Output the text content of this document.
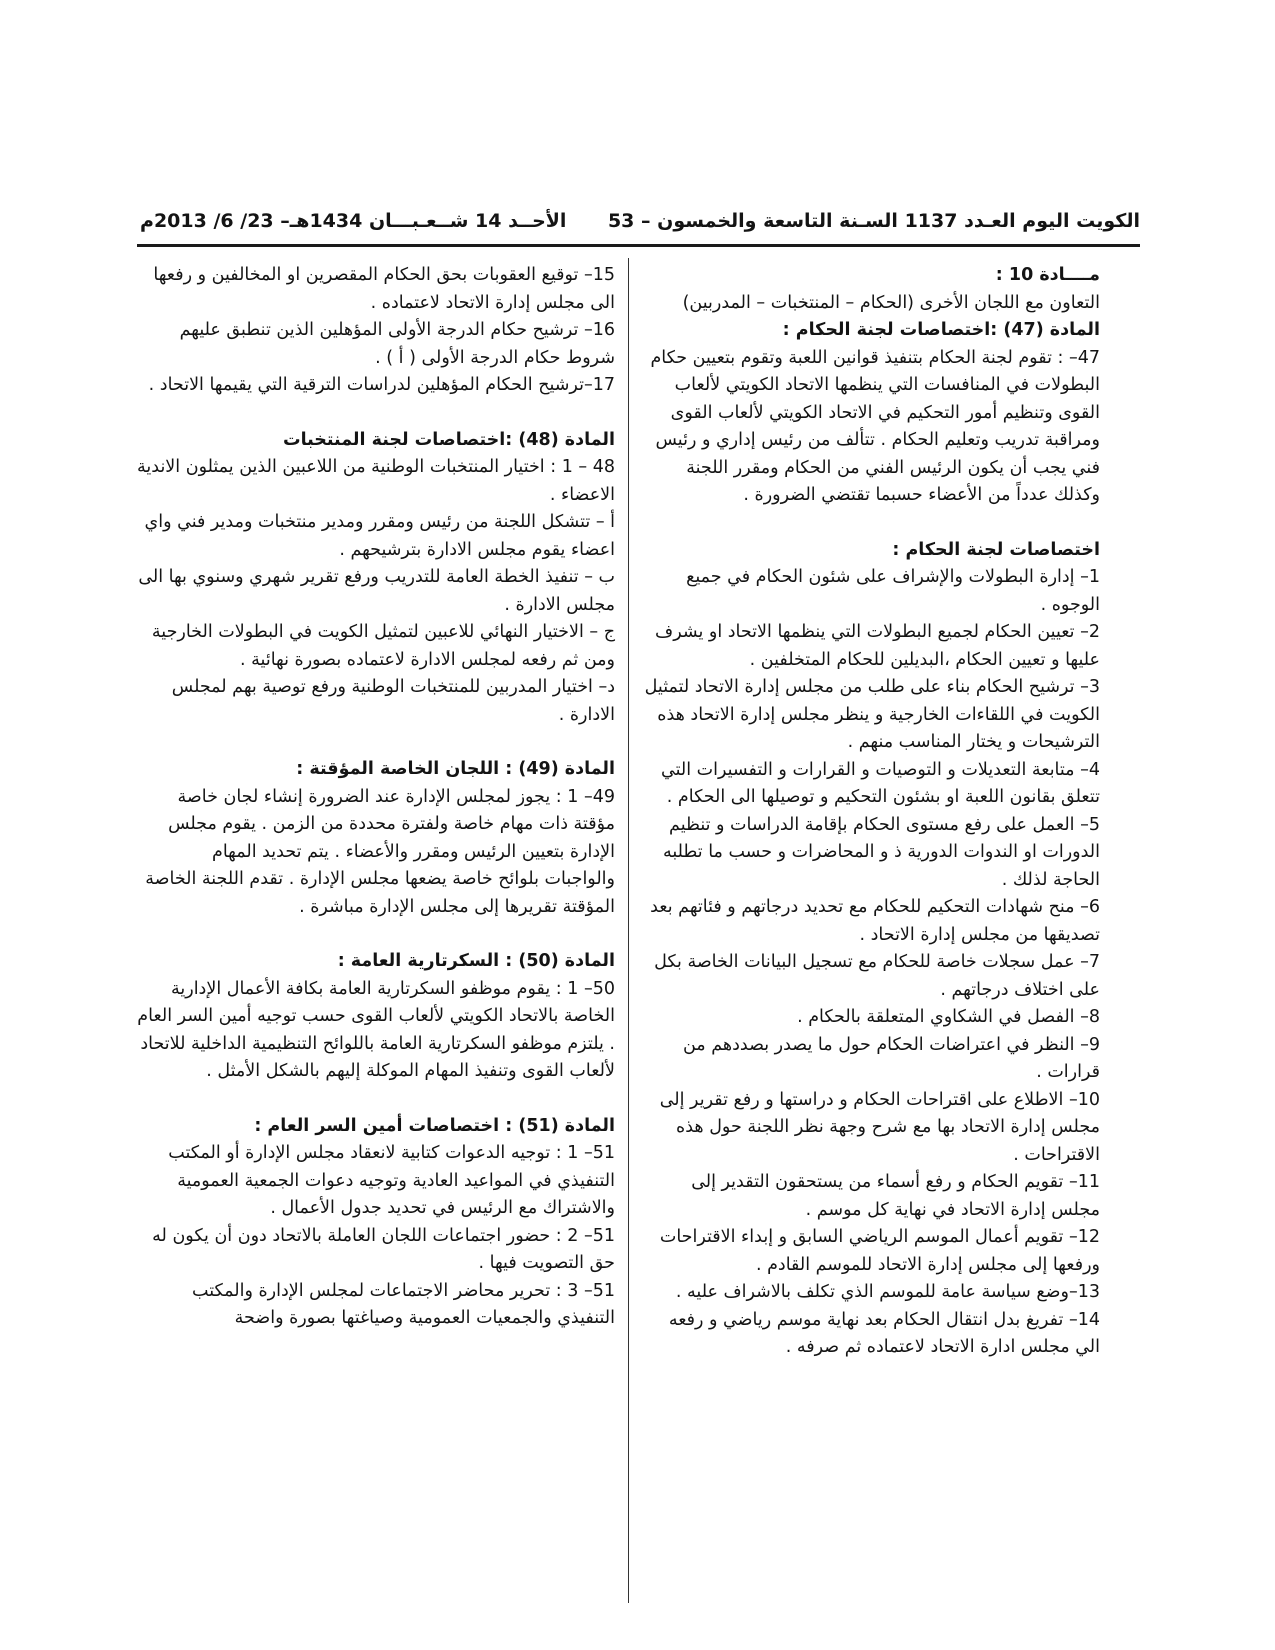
الكويت اليوم العـدد 1137 السـنة التاسعة والخمسون – 53
الأحــد 14 شــعـبـــان 1434هـ– 23/ 6/ 2013م
مــــادة 10 :
التعاون مع اللجان الأخرى (الحكام – المنتخبات – المدربين)
المادة (47) :اختصاصات لجنة الحكام :
47– : تقوم لجنة الحكام بتنفيذ قوانين اللعبة وتقوم بتعيين حكام البطولات في المنافسات التي ينظمها الاتحاد الكويتي لألعاب القوى وتنظيم أمور التحكيم في الاتحاد الكويتي لألعاب القوى ومراقبة تدريب وتعليم الحكام . تتألف من رئيس إداري و رئيس فني يجب أن يكون الرئيس الفني من الحكام ومقرر اللجنة وكذلك عدداً من الأعضاء حسبما تقتضي الضرورة .
اختصاصات لجنة الحكام :
1– إدارة البطولات والإشراف على شئون الحكام في جميع الوجوه .
2– تعيين الحكام لجميع البطولات التي ينظمها الاتحاد او يشرف عليها و تعيين الحكام ،البديلين للحكام المتخلفين .
3– ترشيح الحكام بناء على طلب من مجلس إدارة الاتحاد لتمثيل الكويت في اللقاءات الخارجية و ينظر مجلس إدارة الاتحاد هذه الترشيحات و يختار المناسب منهم .
4– متابعة التعديلات و التوصيات و القرارات و التفسيرات التي تتعلق بقانون اللعبة او بشئون التحكيم و توصيلها الى الحكام .
5– العمل على رفع مستوى الحكام بإقامة الدراسات و تنظيم الدورات او الندوات الدورية ذ و المحاضرات و حسب ما تطلبه الحاجة لذلك .
6– منح شهادات التحكيم للحكام مع تحديد درجاتهم و فئاتهم بعد تصديقها من مجلس إدارة الاتحاد .
7– عمل سجلات خاصة للحكام مع تسجيل البيانات الخاصة بكل على اختلاف درجاتهم .
8– الفصل في الشكاوي المتعلقة بالحكام .
9– النظر في اعتراضات الحكام حول ما يصدر بصددهم من قرارات .
10– الاطلاع على اقتراحات الحكام و دراستها و رفع تقرير إلى مجلس إدارة الاتحاد بها مع شرح وجهة نظر اللجنة حول هذه الاقتراحات .
11– تقويم الحكام و رفع أسماء من يستحقون التقدير إلى مجلس إدارة الاتحاد في نهاية كل موسم .
12– تقويم أعمال الموسم الرياضي السابق و إبداء الاقتراحات ورفعها إلى مجلس إدارة الاتحاد للموسم القادم .
13–وضع سياسة عامة للموسم الذي تكلف بالاشراف عليه .
14– تفريغ بدل انتقال الحكام بعد نهاية موسم رياضي و رفعه الي مجلس ادارة الاتحاد لاعتماده ثم صرفه .
15– توقيع العقوبات بحق الحكام المقصرين او المخالفين و رفعها الى مجلس إدارة الاتحاد لاعتماده .
16– ترشيح حكام الدرجة الأولى المؤهلين الذين تنطبق عليهم شروط حكام الدرجة الأولى ( أ ) .
17–ترشيح الحكام المؤهلين لدراسات الترقية التي يقيمها الاتحاد .
المادة (48) :اختصاصات لجنة المنتخبات
48 – 1 : اختيار المنتخبات الوطنية من اللاعبين الذين يمثلون الاندية الاعضاء .
أ – تتشكل اللجنة من رئيس ومقرر ومدير منتخبات ومدير فني واي اعضاء يقوم مجلس الادارة بترشيحهم .
ب – تنفيذ الخطة العامة للتدريب ورفع تقرير شهري وسنوي بها الى مجلس الادارة .
ج – الاختيار النهائي للاعبين لتمثيل الكويت في البطولات الخارجية ومن ثم رفعه لمجلس الادارة لاعتماده بصورة نهائية .
د– اختيار المدربين للمنتخبات الوطنية ورفع توصية بهم لمجلس الادارة .
المادة (49) : اللجان الخاصة المؤقتة :
49– 1 : يجوز لمجلس الإدارة عند الضرورة إنشاء لجان خاصة مؤقتة ذات مهام خاصة ولفترة محددة من الزمن . يقوم مجلس الإدارة بتعيين الرئيس ومقرر والأعضاء . يتم تحديد المهام والواجبات بلوائح خاصة يضعها مجلس الإدارة . تقدم اللجنة الخاصة المؤقتة تقريرها إلى مجلس الإدارة مباشرة .
المادة (50) : السكرتارية العامة :
50– 1 : يقوم موظفو السكرتارية العامة بكافة الأعمال الإدارية الخاصة بالاتحاد الكويتي لألعاب القوى حسب توجيه أمين السر العام . يلتزم موظفو السكرتارية العامة باللوائح التنظيمية الداخلية للاتحاد لألعاب القوى وتنفيذ المهام الموكلة إليهم بالشكل الأمثل .
المادة (51) : اختصاصات أمين السر العام :
51– 1 : توجيه الدعوات كتابية لانعقاد مجلس الإدارة أو المكتب التنفيذي في المواعيد العادية وتوجيه دعوات الجمعية العمومية والاشتراك مع الرئيس في تحديد جدول الأعمال .
51– 2 : حضور اجتماعات اللجان العاملة بالاتحاد دون أن يكون له حق التصويت فيها .
51– 3 : تحرير محاضر الاجتماعات لمجلس الإدارة والمكتب التنفيذي والجمعيات العمومية وصياغتها بصورة واضحة
